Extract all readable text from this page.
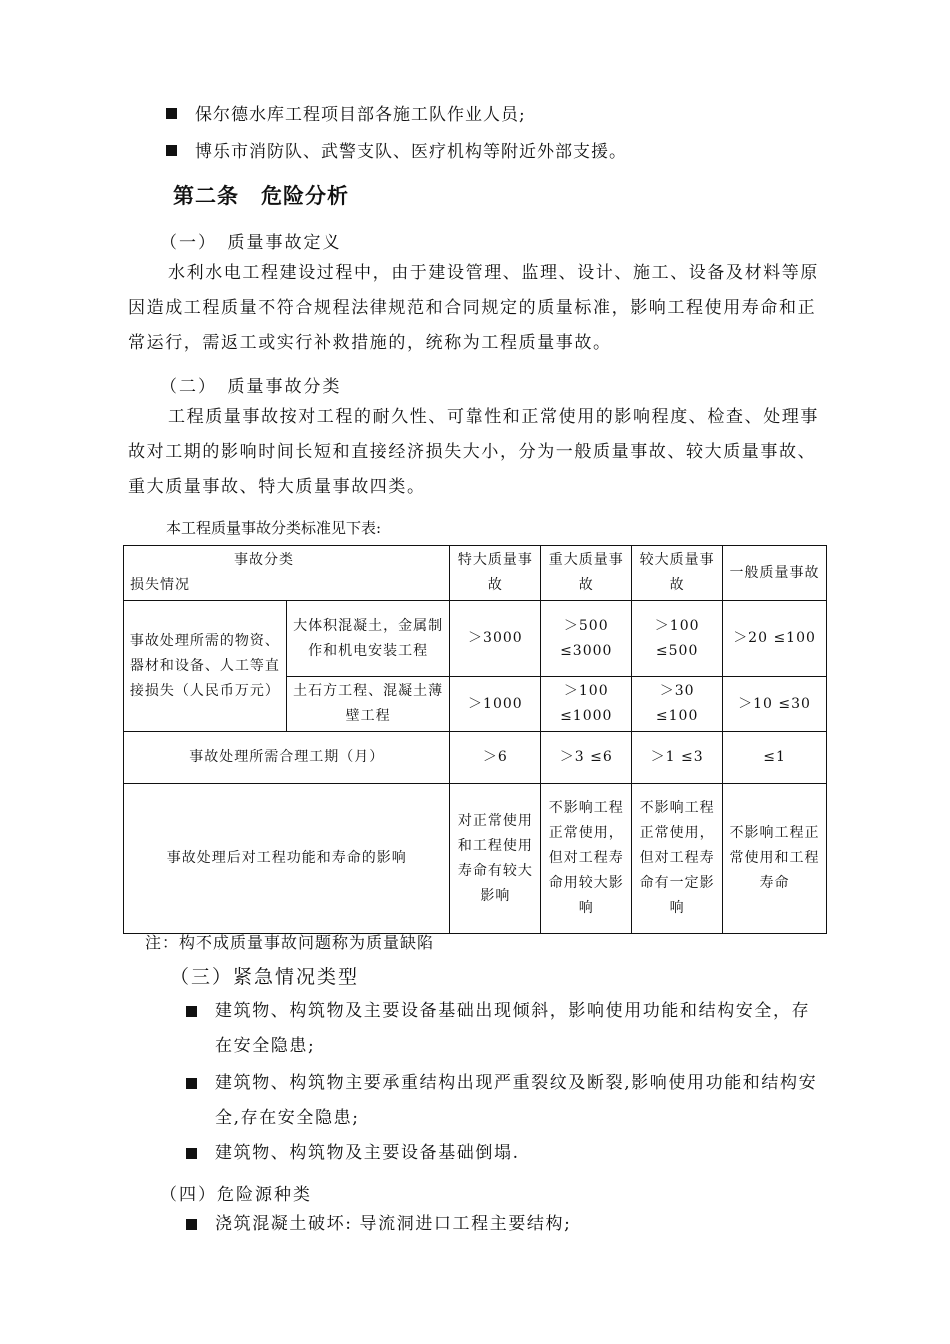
保尔德水库工程项目部各施工队作业人员;
博乐市消防队、武警支队、医疗机构等附近外部支援。
第二条　危险分析
（一）　质量事故定义
水利水电工程建设过程中，由于建设管理、监理、设计、施工、设备及材料等原因造成工程质量不符合规程法律规范和合同规定的质量标准，影响工程使用寿命和正常运行，需返工或实行补救措施的，统称为工程质量事故。
（二）　质量事故分类
工程质量事故按对工程的耐久性、可靠性和正常使用的影响程度、检查、处理事故对工期的影响时间长短和直接经济损失大小，分为一般质量事故、较大质量事故、重大质量事故、特大质量事故四类。
本工程质量事故分类标准见下表:
事故分类
损失情况		特大质量事故	重大质量事故	较大质量事故	一般质量事故
事故处理所需的物资、器材和设备、人工等直接损失（人民币万元）	大体积混凝土，金属制作和机电安装工程	＞3000	＞500 ≤3000	＞100 ≤500	＞20 ≤100
	土石方工程、混凝土薄壁工程	＞1000	＞100 ≤1000	＞30 ≤100	＞10 ≤30
事故处理所需合理工期（月）		＞6	＞3 ≤6	＞1 ≤3	≤1
事故处理后对工程功能和寿命的影响		对正常使用和工程使用寿命有较大影响	不影响工程正常使用，但对工程寿命用较大影响	不影响工程正常使用，但对工程寿命有一定影响	不影响工程正常使用和工程寿命
注：构不成质量事故问题称为质量缺陷
（三）紧急情况类型
建筑物、构筑物及主要设备基础出现倾斜，影响使用功能和结构安全，存在安全隐患;
建筑物、构筑物主要承重结构出现严重裂纹及断裂,影响使用功能和结构安全,存在安全隐患;
建筑物、构筑物及主要设备基础倒塌.
（四）危险源种类
浇筑混凝土破坏: 导流洞进口工程主要结构;
